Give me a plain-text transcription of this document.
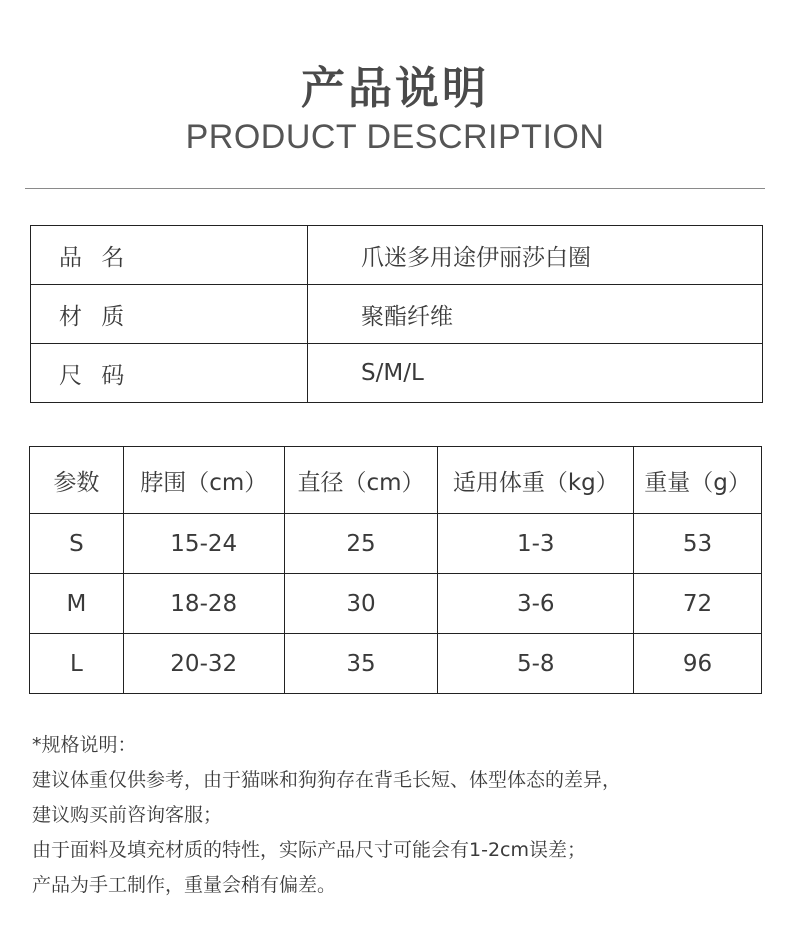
产品说明
PRODUCT DESCRIPTION
品 名	爪迷多用途伊丽莎白圈
材 质	聚酯纤维
尺 码	S/M/L
参数	脖围（cm）	直径（cm）	适用体重（kg）	重量（g）
S	15-24	25	1-3	53
M	18-28	30	3-6	72
L	20-32	35	5-8	96
*规格说明：
建议体重仅供参考，由于猫咪和狗狗存在背毛长短、体型体态的差异，
建议购买前咨询客服；
由于面料及填充材质的特性，实际产品尺寸可能会有1-2cm误差；
产品为手工制作，重量会稍有偏差。
